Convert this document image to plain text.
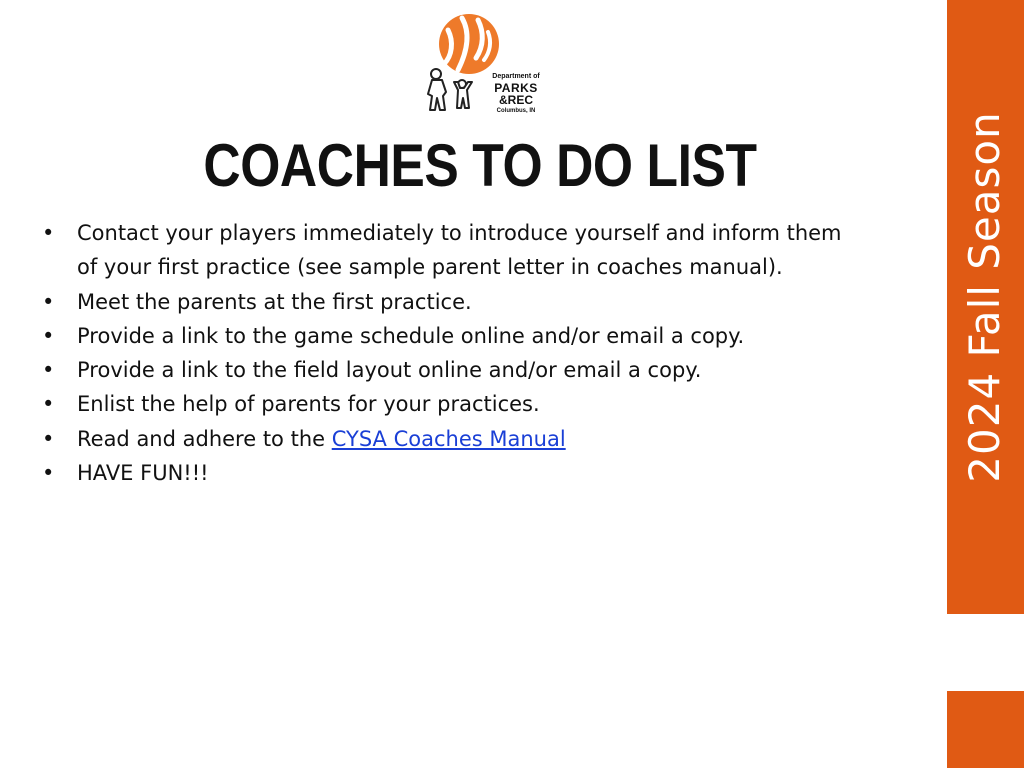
Department of
PARKS
&REC
Columbus, IN
COACHES TO DO LIST
• Contact your players immediately to introduce yourself and inform them
of your first practice (see sample parent letter in coaches manual).
• Meet the parents at the first practice.
• Provide a link to the game schedule online and/or email a copy.
• Provide a link to the field layout online and/or email a copy.
• Enlist the help of parents for your practices.
• Read and adhere to the CYSA Coaches Manual
• HAVE FUN!!!	2024 Fall Season
